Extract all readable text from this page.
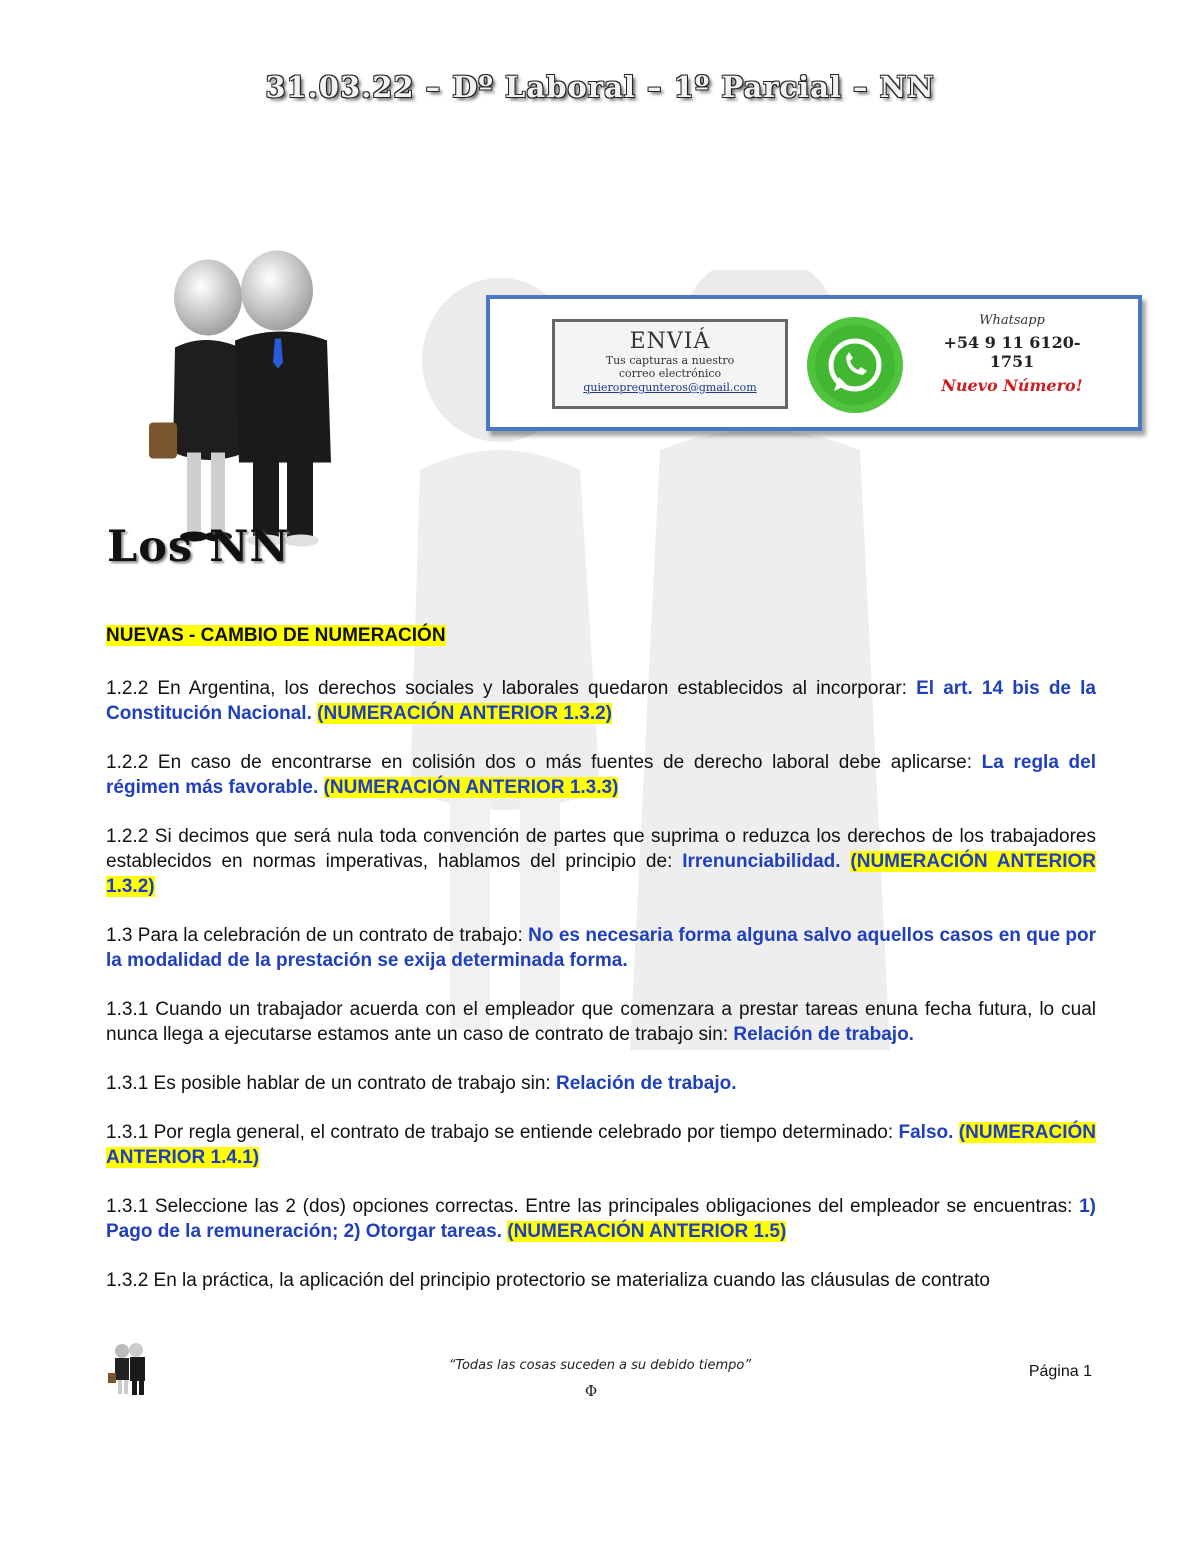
31.03.22 – Dº Laboral – 1º Parcial – NN
Los NN
ENVIÁ
Tus capturas a nuestro
correo electrónico
quieropregunteros@gmail.com
Whatsapp
+54 9 11 6120-1751
Nuevo Número!

NUEVAS - CAMBIO DE NUMERACIÓN

1.2.2 En Argentina, los derechos sociales y laborales quedaron establecidos al incorporar: El art. 14 bis de la Constitución Nacional. (NUMERACIÓN ANTERIOR 1.3.2)

1.2.2 En caso de encontrarse en colisión dos o más fuentes de derecho laboral debe aplicarse: La regla del régimen más favorable. (NUMERACIÓN ANTERIOR 1.3.3)

1.2.2 Si decimos que será nula toda convención de partes que suprima o reduzca los derechos de los trabajadores establecidos en normas imperativas, hablamos del principio de: Irrenunciabilidad. (NUMERACIÓN ANTERIOR 1.3.2)

1.3 Para la celebración de un contrato de trabajo: No es necesaria forma alguna salvo aquellos casos en que por la modalidad de la prestación se exija determinada forma.

1.3.1 Cuando un trabajador acuerda con el empleador que comenzara a prestar tareas enuna fecha futura, lo cual nunca llega a ejecutarse estamos ante un caso de contrato de trabajo sin: Relación de trabajo.

1.3.1 Es posible hablar de un contrato de trabajo sin: Relación de trabajo.

1.3.1 Por regla general, el contrato de trabajo se entiende celebrado por tiempo determinado: Falso. (NUMERACIÓN ANTERIOR 1.4.1)

1.3.1 Seleccione las 2 (dos) opciones correctas. Entre las principales obligaciones del empleador se encuentras: 1) Pago de la remuneración; 2) Otorgar tareas. (NUMERACIÓN ANTERIOR 1.5)

1.3.2 En la práctica, la aplicación del principio protectorio se materializa cuando las cláusulas de contrato

“Todas las cosas suceden a su debido tiempo”
Φ
Página 1
